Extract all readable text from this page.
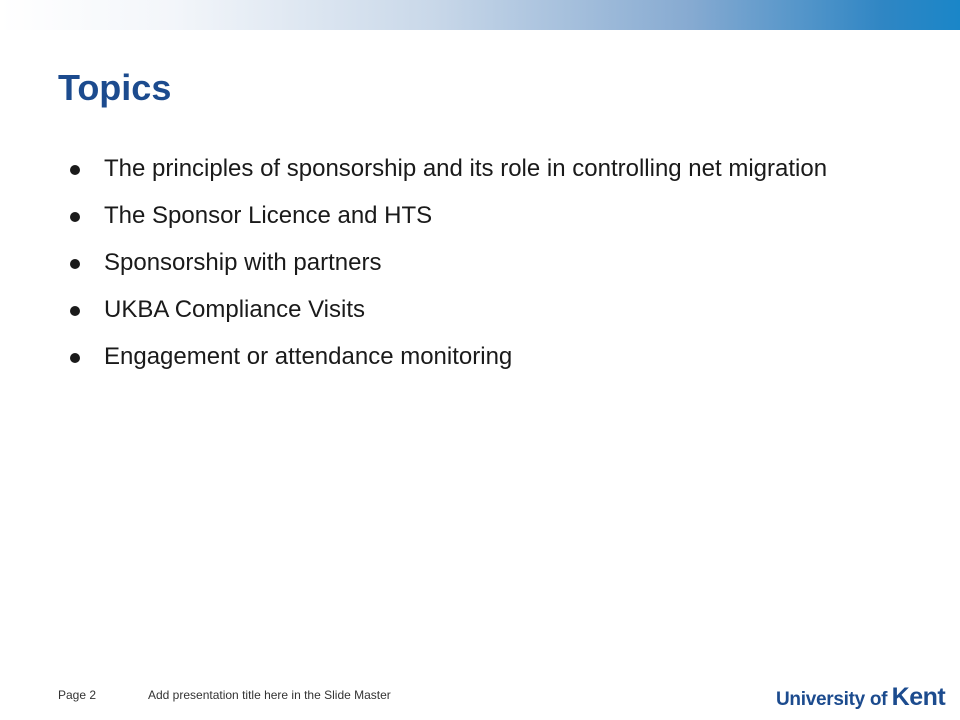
Topics
The principles of sponsorship and its role in controlling net migration
The Sponsor Licence and HTS
Sponsorship with partners
UKBA Compliance Visits
Engagement or attendance monitoring
Page 2	Add presentation title here in the Slide Master	University of Kent
